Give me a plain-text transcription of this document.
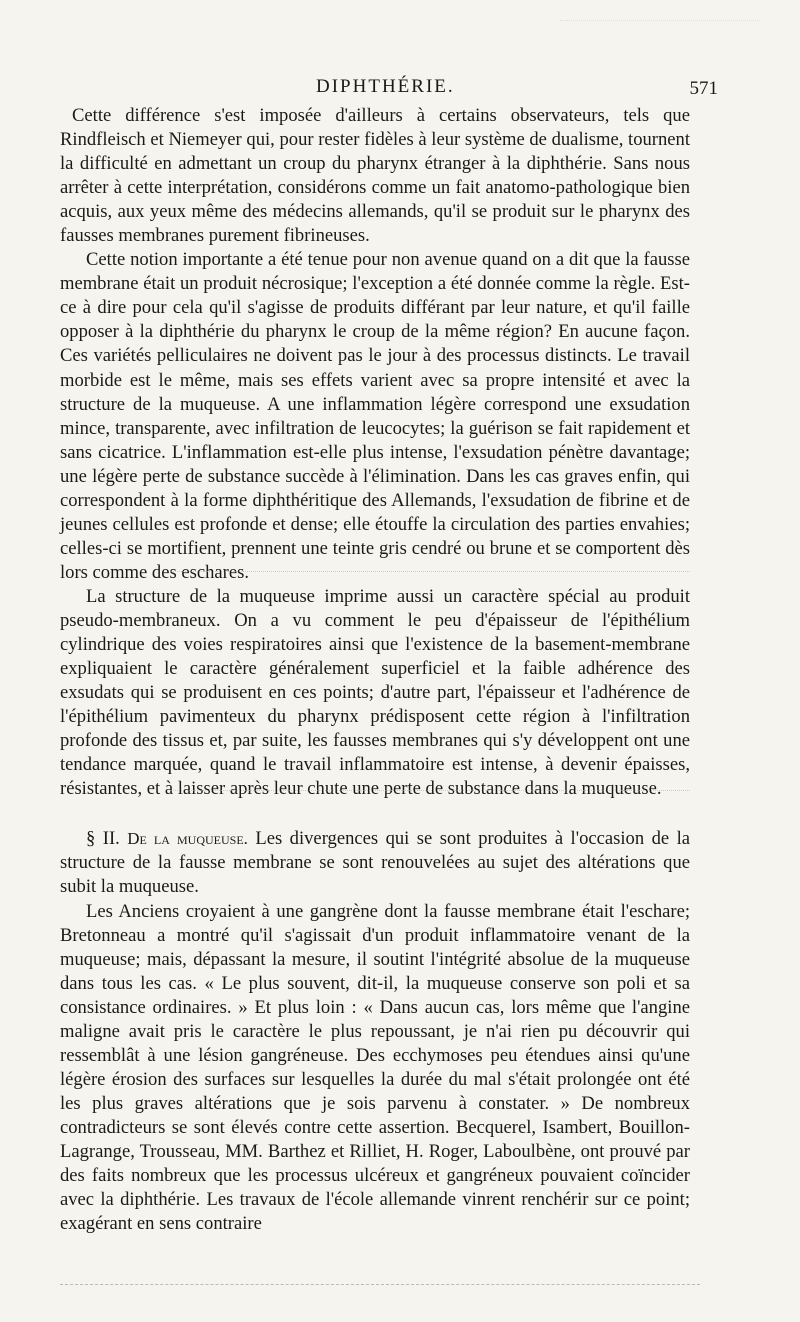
DIPHTHÉRIE.	571

Cette différence s'est imposée d'ailleurs à certains observateurs, tels que Rindfleisch et Niemeyer qui, pour rester fidèles à leur système de dualisme, tournent la difficulté en admettant un croup du pharynx étranger à la diphthérie. Sans nous arrêter à cette interprétation, considérons comme un fait anatomo-pathologique bien acquis, aux yeux même des médecins allemands, qu'il se produit sur le pharynx des fausses membranes purement fibrineuses.

Cette notion importante a été tenue pour non avenue quand on a dit que la fausse membrane était un produit nécrosique; l'exception a été donnée comme la règle. Est-ce à dire pour cela qu'il s'agisse de produits différant par leur nature, et qu'il faille opposer à la diphthérie du pharynx le croup de la même région? En aucune façon. Ces variétés pelliculaires ne doivent pas le jour à des processus distincts. Le travail morbide est le même, mais ses effets varient avec sa propre intensité et avec la structure de la muqueuse. A une inflammation légère correspond une exsudation mince, transparente, avec infiltration de leucocytes; la guérison se fait rapidement et sans cicatrice. L'inflammation est-elle plus intense, l'exsudation pénètre davantage; une légère perte de substance succède à l'élimination. Dans les cas graves enfin, qui correspondent à la forme diphthéritique des Allemands, l'exsudation de fibrine et de jeunes cellules est profonde et dense; elle étouffe la circulation des parties envahies; celles-ci se mortifient, prennent une teinte gris cendré ou brune et se comportent dès lors comme des eschares.

La structure de la muqueuse imprime aussi un caractère spécial au produit pseudo-membraneux. On a vu comment le peu d'épaisseur de l'épithélium cylindrique des voies respiratoires ainsi que l'existence de la basement-membrane expliquaient le caractère généralement superficiel et la faible adhérence des exsudats qui se produisent en ces points; d'autre part, l'épaisseur et l'adhérence de l'épithélium pavimenteux du pharynx prédisposent cette région à l'infiltration profonde des tissus et, par suite, les fausses membranes qui s'y développent ont une tendance marquée, quand le travail inflammatoire est intense, à devenir épaisses, résistantes, et à laisser après leur chute une perte de substance dans la muqueuse.

§ II. De la muqueuse. Les divergences qui se sont produites à l'occasion de la structure de la fausse membrane se sont renouvelées au sujet des altérations que subit la muqueuse.

Les Anciens croyaient à une gangrène dont la fausse membrane était l'eschare; Bretonneau a montré qu'il s'agissait d'un produit inflammatoire venant de la muqueuse; mais, dépassant la mesure, il soutint l'intégrité absolue de la muqueuse dans tous les cas. « Le plus souvent, dit-il, la muqueuse conserve son poli et sa consistance ordinaires. » Et plus loin : « Dans aucun cas, lors même que l'angine maligne avait pris le caractère le plus repoussant, je n'ai rien pu découvrir qui ressemblât à une lésion gangréneuse. Des ecchymoses peu étendues ainsi qu'une légère érosion des surfaces sur lesquelles la durée du mal s'était prolongée ont été les plus graves altérations que je sois parvenu à constater. » De nombreux contradicteurs se sont élevés contre cette assertion. Becquerel, Isambert, Bouillon-Lagrange, Trousseau, MM. Barthez et Rilliet, H. Roger, Laboulbène, ont prouvé par des faits nombreux que les processus ulcéreux et gangréneux pouvaient coïncider avec la diphthérie. Les travaux de l'école allemande vinrent renchérir sur ce point; exagérant en sens contraire
